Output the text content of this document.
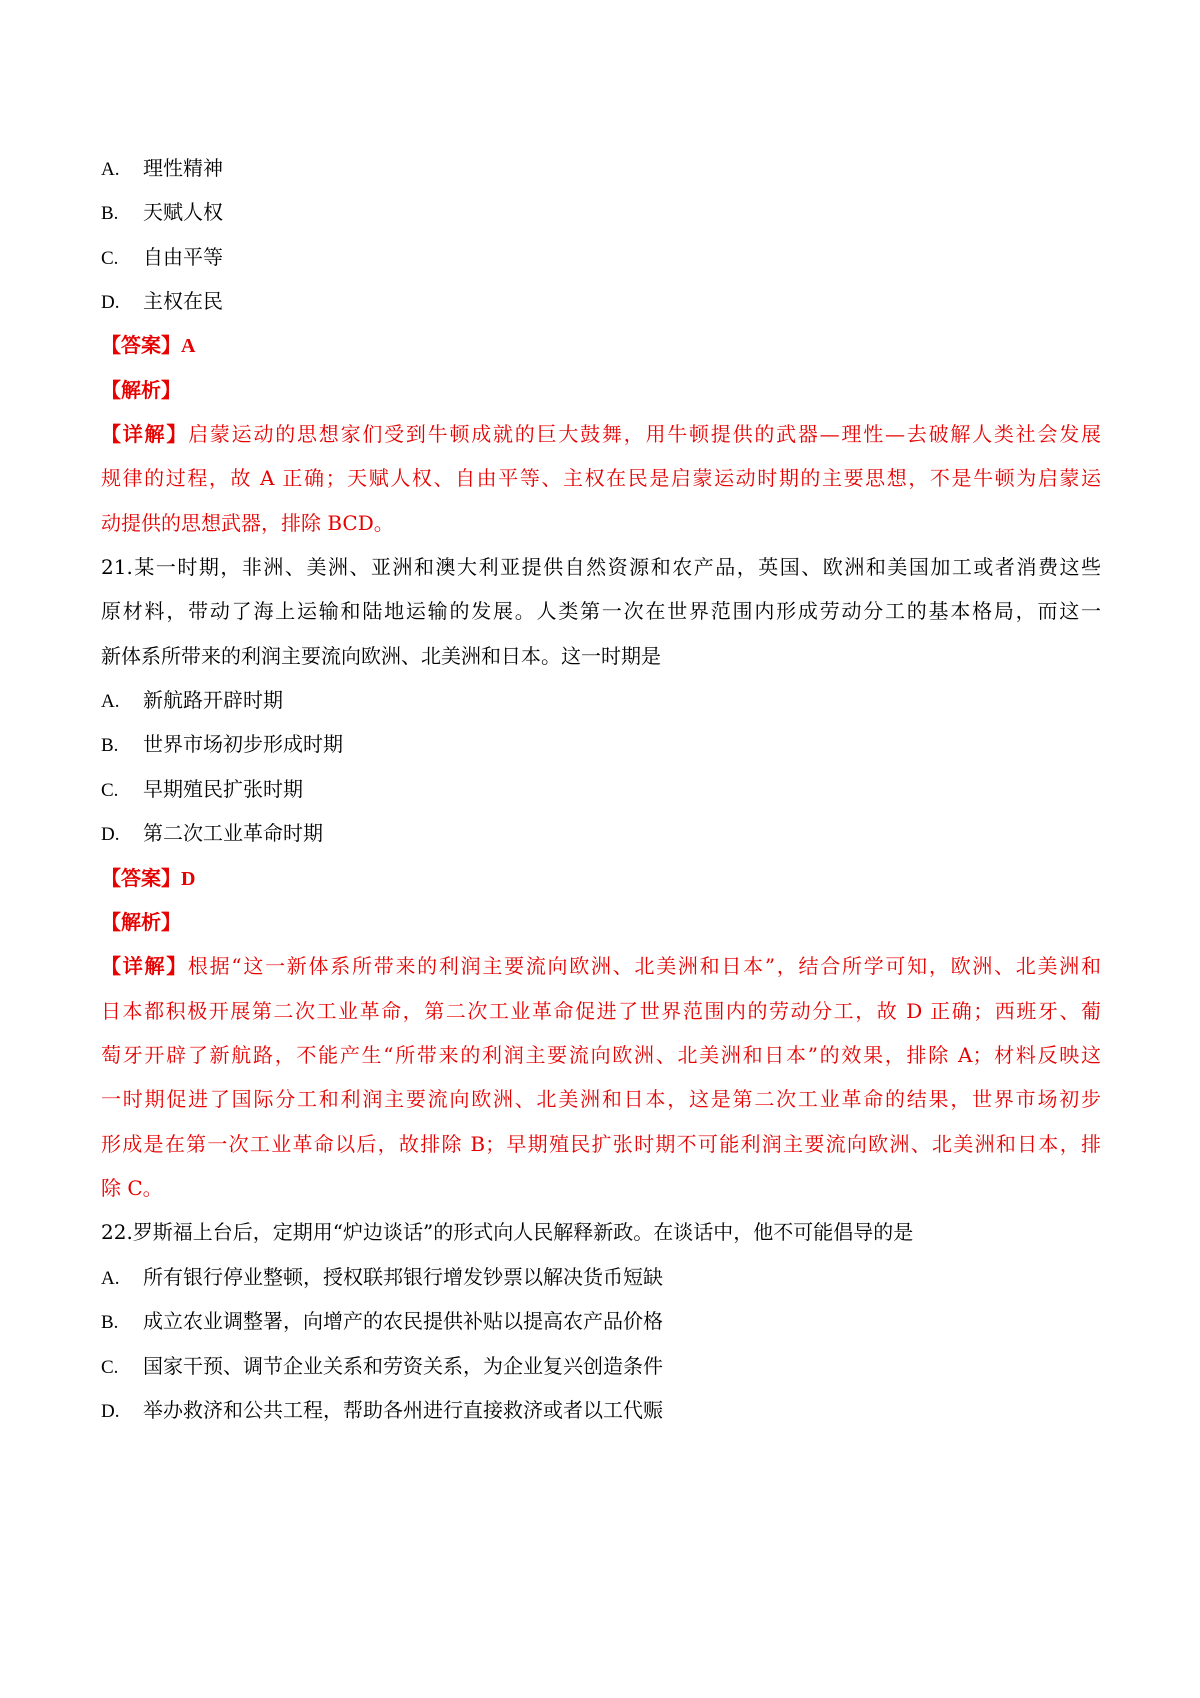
A. 理性精神
B. 天赋人权
C. 自由平等
D. 主权在民
【答案】A
【解析】
【详解】启蒙运动的思想家们受到牛顿成就的巨大鼓舞，用牛顿提供的武器—理性—去破解人类社会发展
规律的过程，故 A 正确；天赋人权、自由平等、主权在民是启蒙运动时期的主要思想，不是牛顿为启蒙运
动提供的思想武器，排除 BCD。
21.某一时期，非洲、美洲、亚洲和澳大利亚提供自然资源和农产品，英国、欧洲和美国加工或者消费这些
原材料，带动了海上运输和陆地运输的发展。人类第一次在世界范围内形成劳动分工的基本格局，而这一
新体系所带来的利润主要流向欧洲、北美洲和日本。这一时期是
A. 新航路开辟时期
B. 世界市场初步形成时期
C. 早期殖民扩张时期
D. 第二次工业革命时期
【答案】D
【解析】
【详解】根据“这一新体系所带来的利润主要流向欧洲、北美洲和日本”，结合所学可知，欧洲、北美洲和
日本都积极开展第二次工业革命，第二次工业革命促进了世界范围内的劳动分工，故 D 正确；西班牙、葡
萄牙开辟了新航路，不能产生“所带来的利润主要流向欧洲、北美洲和日本”的效果，排除 A；材料反映这
一时期促进了国际分工和利润主要流向欧洲、北美洲和日本，这是第二次工业革命的结果，世界市场初步
形成是在第一次工业革命以后，故排除 B；早期殖民扩张时期不可能利润主要流向欧洲、北美洲和日本，排
除 C。
22.罗斯福上台后，定期用“炉边谈话”的形式向人民解释新政。在谈话中，他不可能倡导的是
A. 所有银行停业整顿，授权联邦银行增发钞票以解决货币短缺
B. 成立农业调整署，向增产的农民提供补贴以提高农产品价格
C. 国家干预、调节企业关系和劳资关系，为企业复兴创造条件
D. 举办救济和公共工程，帮助各州进行直接救济或者以工代赈
